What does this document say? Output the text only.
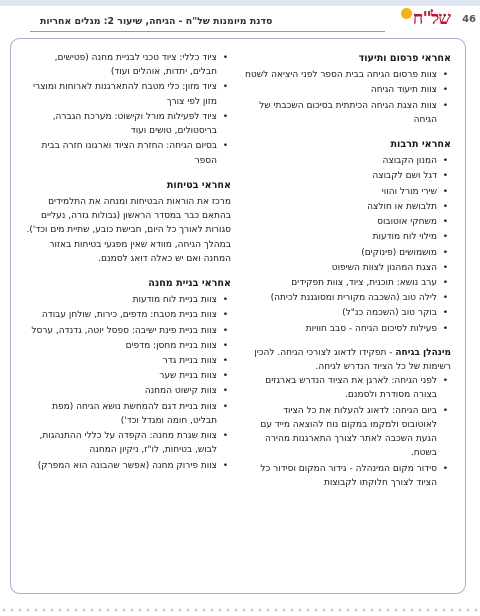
46
של"ח
סדנת מיומנות של"ח - הגיחה, שיעור 2: מגלים אחריות
אחראי פרסום ותיעוד
• צוות פרסום הגיחה בבית הספר לפני היציאה לשטח
• צוות תיעוד הגיחה
• צוות הצגת הגיחה הכיתתית בסיכום השכבתי של הגיחה
אחראי תרבות
• המנון הקבוצה
• דגל ושם לקבוצה
• שירי מורל והווי
• תלבושת או חולצה
• משחקי אוטובוס
• מילוי לוח מודעות
• מושמושים (פינוקים)
• הצגת המהנון לצוות השיפוט
• ערב נושא: תוכנית, ציוד, צוות תפקידים
• לילה טוב (השכבה מקורית ומסוגננת לכיתה)
• בוקר טוב (השכמה כנ"ל)
• פעילות לסיכום הגיחה - סבב חוויות

מינהלן בגיחה - תפקידו לדאוג לצורכי הגיחה. להכין רשימות של כל הציוד הנדרש לגיחה.

• לפני הגיחה: לארגן את הציוד הנדרש בארגזים בצורה מסודרת ולסמנם.
• ביום הגיחה: לדאוג להעלות את כל הציוד לאוטובוס ולמקמו במקום נוח להוצאה מייד עם הגעת השכבה לאתר לצורך התארגנות מהירה בשטח.
• סידור מקום המינהלה - גידור המקום וסידור כל הציוד לצורך חלוקתו לקבוצות
• ציוד כללי: ציוד טכני לבניית מחנה (פטישים, חבלים, יתדות, אוהלים ועוד)
• ציוד מזון: כלי מטבח להתארגנות לארוחות ומוצרי מזון לפי צורך
• ציוד לפעילות מורל וקישוט: מערכת הגברה, בריסטולים, טושים ועוד
• בסיום הגיחה: החזרת הציוד וארגונו חזרה בבית הספר
אחראי בטיחות

מרכז את הוראות הבטיחות ומנחה את התלמידים בהתאם כבר במסדר הראשון (גבולות גזרה, נעליים סגורות לאורך כל היום, חבישת כובע, שתיית מים וכד'). במהלך הגיחה, מוודא שאין מפגעי בטיחות באזור המחנה ואם יש כאלה דואג לסמנם.

אחראי בניית מחנה
• צוות בניית לוח מודעות
• צוות בניית מטבח: מדפים, כירות, שולחן עבודה
• צוות בניית פינת ישיבה: ספסל יוטה, גדנדה, ערסל
• צוות בניית מחסן: מדפים
• צוות בניית גדר
• צוות בניית שער
• צוות קישוט המחנה
• צוות בניית דגם להמחשת נושא הגיחה (מפת תבליט, חומה ומגדל וכד')
• צוות שגרת מחנה: הקפדה על כללי ההתנהגות, לבוש, בטיחות, לו"ז, ניקיון המחנה
• צוות פירוק מחנה (אפשר שהבונה הוא המפרק)
